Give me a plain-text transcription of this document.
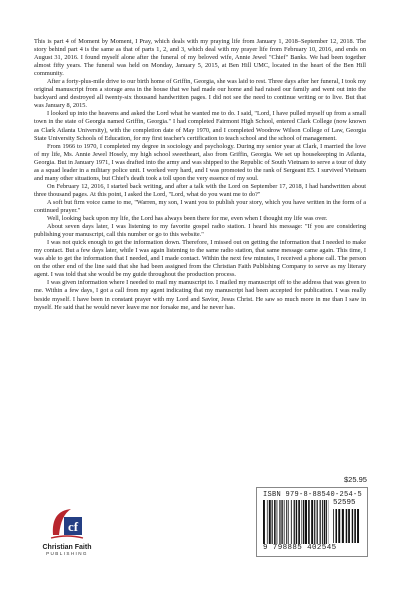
This is part 4 of Moment by Moment, I Pray, which deals with my praying life from January 1, 2018–September 12, 2018. The story behind part 4 is the same as that of parts 1, 2, and 3, which deal with my prayer life from February 10, 2016, and ends on August 31, 2016. I found myself alone after the funeral of my beloved wife, Annie Jewel "Chief" Banks. We had been together almost fifty years. The funeral was held on Monday, January 5, 2015, at Ben Hill UMC, located in the heart of the Ben Hill community.

After a forty-plus-mile drive to our birth home of Griffin, Georgia, she was laid to rest. Three days after her funeral, I took my original manuscript from a storage area in the house that we had made our home and had raised our family and went out into the backyard and destroyed all twenty-six thousand handwritten pages. I did not see the need to continue writing or to live. But that was January 8, 2015.

I looked up into the heavens and asked the Lord what he wanted me to do. I said, "Lord, I have pulled myself up from a small town in the state of Georgia named Griffin, Georgia." I had completed Fairmont High School, entered Clark College (now known as Clark Atlanta University), with the completion date of May 1970, and I completed Woodrow Wilson College of Law, Georgia State University Schools of Education, for my first teacher's certification to teach school and the school of management.

From 1966 to 1970, I completed my degree in sociology and psychology. During my senior year at Clark, I married the love of my life, Ms. Annie Jewel Hosely, my high school sweetheart, also from Griffin, Georgia. We set up housekeeping in Atlanta, Georgia. But in January 1971, I was drafted into the army and was shipped to the Republic of South Vietnam to serve a tour of duty as a squad leader in a military police unit. I worked very hard, and I was promoted to the rank of Sergeant E5. I survived Vietnam and many other situations, but Chief's death took a toll upon the very essence of my soul.

On February 12, 2016, I started back writing, and after a talk with the Lord on September 17, 2018, I had handwritten about three thousand pages. At this point, I asked the Lord, "Lord, what do you want me to do?"

A soft but firm voice came to me, "Warren, my son, I want you to publish your story, which you have written in the form of a continued prayer."

Well, looking back upon my life, the Lord has always been there for me, even when I thought my life was over.

About seven days later, I was listening to my favorite gospel radio station. I heard his message: "If you are considering publishing your manuscript, call this number or go to this website."

I was not quick enough to get the information down. Therefore, I missed out on getting the information that I needed to make my contact. But a few days later, while I was again listening to the same radio station, that same message came again. This time, I was able to get the information that I needed, and I made contact. Within the next few minutes, I received a phone call. The person on the other end of the line said that she had been assigned from the Christian Faith Publishing Company to serve as my literary agent. I was told that she would be my guide throughout the production process.

I was given information where I needed to mail my manuscript to. I mailed my manuscript off to the address that was given to me. Within a few days, I got a call from my agent indicating that my manuscript had been accepted for publication. I was really beside myself. I have been in constant prayer with my Lord and Savior, Jesus Christ. He saw so much more in me than I saw in myself. He said that he would never leave me nor forsake me, and he never has.

cf
Christian Faith
PUBLISHING
$25.95
ISBN 979-8-88540-254-5
52595
9 798885 402545
